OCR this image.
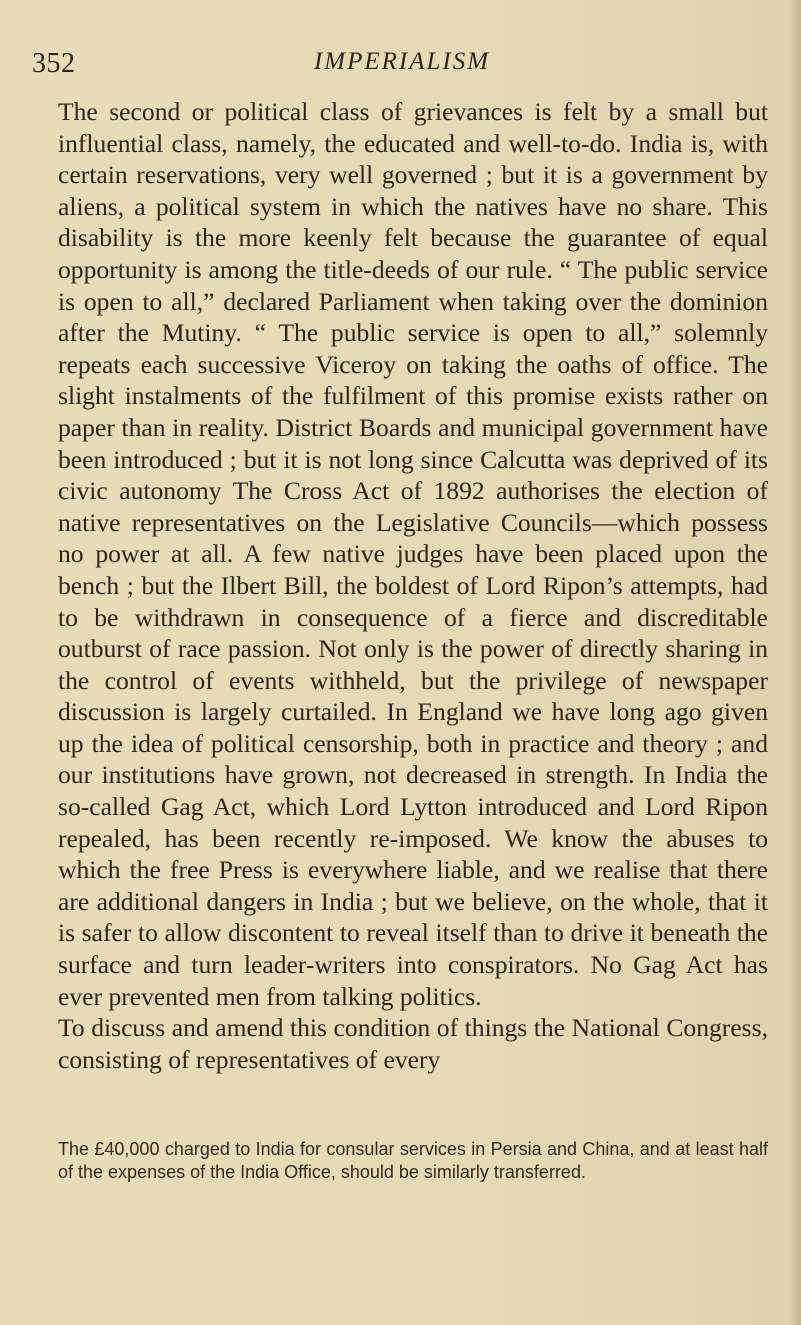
352	IMPERIALISM

The second or political class of grievances is felt by a small but influential class, namely, the educated and well-to-do. India is, with certain reservations, very well governed ; but it is a government by aliens, a political system in which the natives have no share. This disability is the more keenly felt because the guarantee of equal opportunity is among the title-deeds of our rule. “ The public service is open to all,” declared Parliament when taking over the dominion after the Mutiny. “ The public service is open to all,” solemnly repeats each successive Viceroy on taking the oaths of office. The slight instalments of the fulfilment of this promise exists rather on paper than in reality. District Boards and municipal government have been introduced ; but it is not long since Calcutta was deprived of its civic autonomy The Cross Act of 1892 authorises the election of native representatives on the Legislative Councils—which possess no power at all. A few native judges have been placed upon the bench ; but the Ilbert Bill, the boldest of Lord Ripon’s attempts, had to be withdrawn in consequence of a fierce and discreditable outburst of race passion. Not only is the power of directly sharing in the control of events withheld, but the privilege of newspaper discussion is largely curtailed. In England we have long ago given up the idea of political censorship, both in practice and theory ; and our institutions have grown, not decreased in strength. In India the so-called Gag Act, which Lord Lytton introduced and Lord Ripon repealed, has been recently re-imposed. We know the abuses to which the free Press is everywhere liable, and we realise that there are additional dangers in India ; but we believe, on the whole, that it is safer to allow discontent to reveal itself than to drive it beneath the surface and turn leader-writers into conspirators. No Gag Act has ever prevented men from talking politics.

To discuss and amend this condition of things the National Congress, consisting of representatives of every

The £40,000 charged to India for consular services in Persia and China, and at least half of the expenses of the India Office, should be similarly transferred.
